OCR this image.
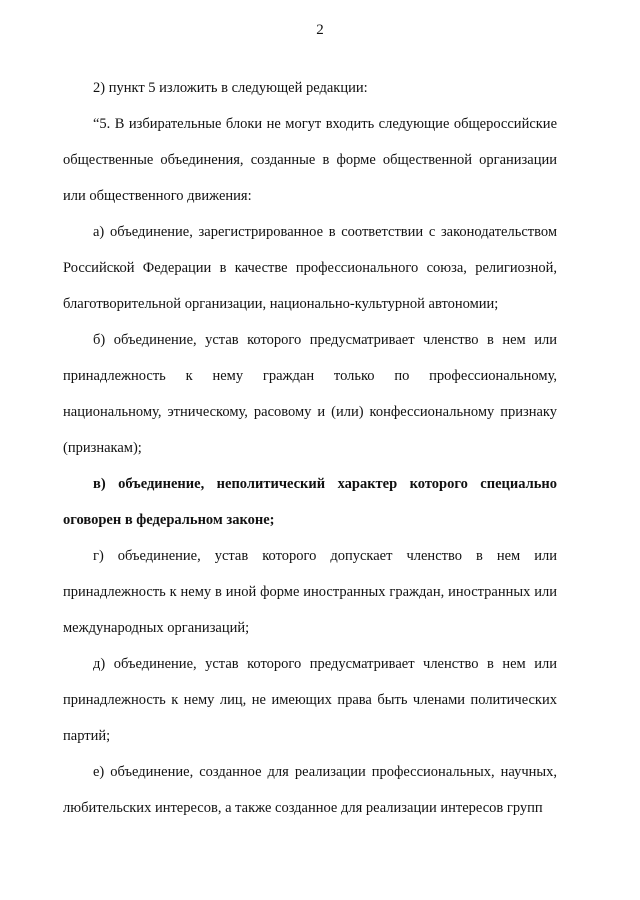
2

2) пункт 5 изложить в следующей редакции:

“5. В избирательные блоки не могут входить следующие общероссийские общественные объединения, созданные в форме общественной организации или общественного движения:

а) объединение, зарегистрированное в соответствии с законодательством Российской Федерации в качестве профессионального союза, религиозной, благотворительной организации, национально-культурной автономии;

б) объединение, устав которого предусматривает членство в нем или принадлежность к нему граждан только по профессиональному, национальному, этническому, расовому и (или) конфессиональному признаку (признакам);

в) объединение, неполитический характер которого специально оговорен в федеральном законе;

г) объединение, устав которого допускает членство в нем или принадлежность к нему в иной форме иностранных граждан, иностранных или международных организаций;

д) объединение, устав которого предусматривает членство в нем или принадлежность к нему лиц, не имеющих права быть членами политических партий;

е) объединение, созданное для реализации профессиональных, научных, любительских интересов, а также созданное для реализации интересов групп
